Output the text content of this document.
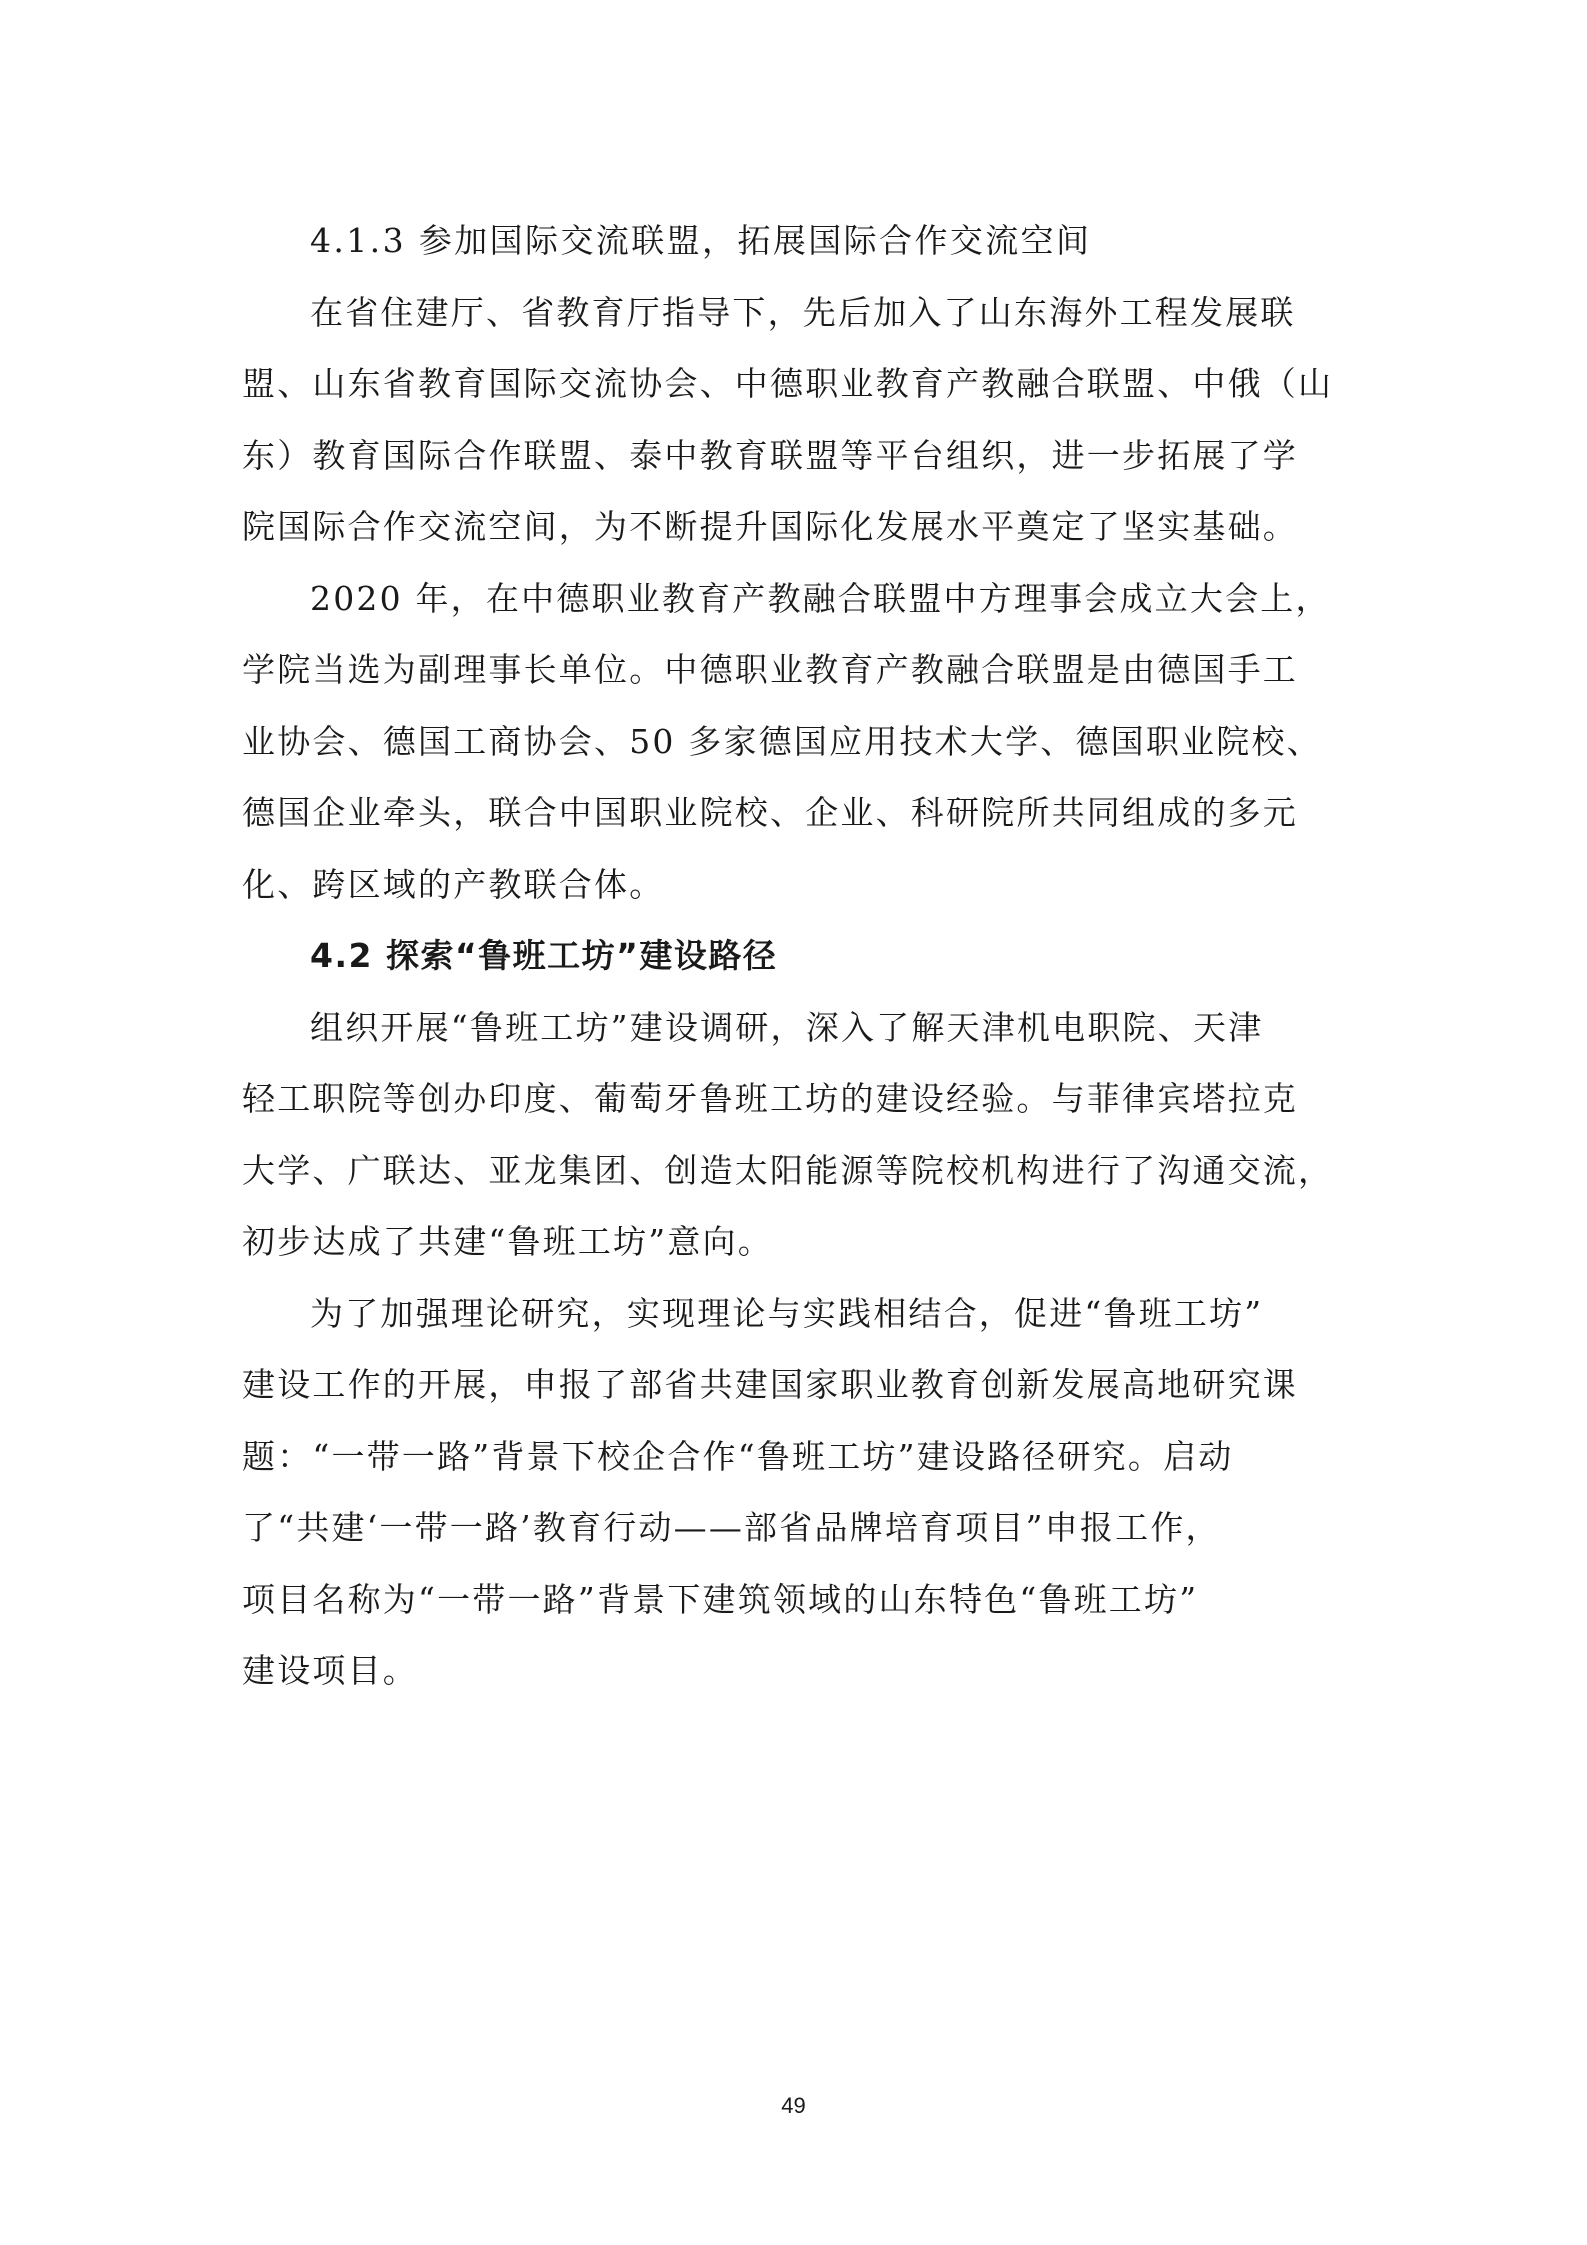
4.1.3 参加国际交流联盟，拓展国际合作交流空间
在省住建厅、省教育厅指导下，先后加入了山东海外工程发展联
盟、山东省教育国际交流协会、中德职业教育产教融合联盟、中俄（山
东）教育国际合作联盟、泰中教育联盟等平台组织，进一步拓展了学
院国际合作交流空间，为不断提升国际化发展水平奠定了坚实基础。
2020 年，在中德职业教育产教融合联盟中方理事会成立大会上，
学院当选为副理事长单位。中德职业教育产教融合联盟是由德国手工
业协会、德国工商协会、50 多家德国应用技术大学、德国职业院校、
德国企业牵头，联合中国职业院校、企业、科研院所共同组成的多元
化、跨区域的产教联合体。
4.2 探索“鲁班工坊”建设路径
组织开展“鲁班工坊”建设调研，深入了解天津机电职院、天津
轻工职院等创办印度、葡萄牙鲁班工坊的建设经验。与菲律宾塔拉克
大学、广联达、亚龙集团、创造太阳能源等院校机构进行了沟通交流，
初步达成了共建“鲁班工坊”意向。
为了加强理论研究，实现理论与实践相结合，促进“鲁班工坊”
建设工作的开展，申报了部省共建国家职业教育创新发展高地研究课
题：“一带一路”背景下校企合作“鲁班工坊”建设路径研究。启动
了“共建‘一带一路’教育行动——部省品牌培育项目”申报工作，
项目名称为“一带一路”背景下建筑领域的山东特色“鲁班工坊”
建设项目。
49
